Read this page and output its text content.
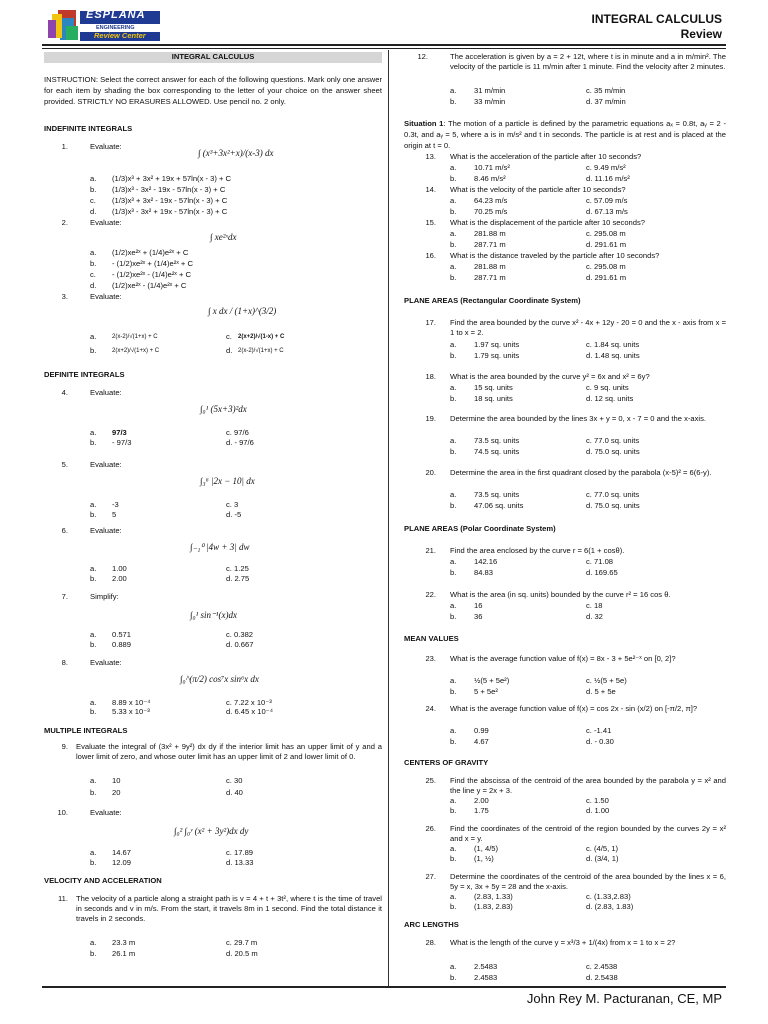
ESPLANA
ENGINEERING
Review Center
INTEGRAL CALCULUS
Review
INTEGRAL CALCULUS
INSTRUCTION: Select the correct answer for each of the following questions. Mark only one answer for each item by shading the box corresponding to the letter of your choice on the answer sheet provided. STRICTLY NO ERASURES ALLOWED. Use pencil no. 2 only.
INDEFINITE INTEGRALS
1.	Evaluate:
∫ (x³+3x²+x)/(x-3) dx
a. (1/3)x³ + 3x² + 19x + 57ln(x - 3) + C
b. (1/3)x³ - 3x² - 19x - 57ln(x - 3) + C
c. (1/3)x³ + 3x² - 19x - 57ln(x - 3) + C
d. (1/3)x³ - 3x² + 19x - 57ln(x - 3) + C
2.	Evaluate:
∫ xe²ˣdx
a. (1/2)xe²ˣ + (1/4)e²ˣ + C
b. - (1/2)xe²ˣ + (1/4)e²ˣ + C
c. - (1/2)xe²ˣ - (1/4)e²ˣ + C
d. (1/2)xe²ˣ - (1/4)e²ˣ + C
3.	Evaluate:
∫ x dx / (1+x)^(3/2)
a.	2(x-2)/√(1+x) + C
b.	2(x+2)/√(1+x) + C
c. 2(x+2)/√(1-x) + C
d. 2(x-2)/√(1+x) + C
DEFINITE INTEGRALS
4.	Evaluate:
∫₀¹ (5x+3)²dx
a. 97/3
b. - 97/3
c. 97/6
d. - 97/6
5.	Evaluate:
∫₃⁶ |2x − 10| dx
a. -3
b. 5
c. 3
d. -5
6.	Evaluate:
∫₋₁⁰ |4w + 3| dw
a. 1.00
b. 2.00
c. 1.25
d. 2.75
7.	Simplify:
∫₀¹ sin⁻¹(x)dx
a. 0.571
b. 0.889
c. 0.382
d. 0.667
8.	Evaluate:
∫₀^(π/2) cos⁷x sin⁶x dx
a. 8.89 x 10⁻⁴
b. 5.33 x 10⁻³
c. 7.22 x 10⁻³
d. 6.45 x 10⁻⁴
MULTIPLE INTEGRALS
9. Evaluate the integral of (3x² + 9y²) dx dy if the interior limit has an upper limit of y and a lower limit of zero, and whose outer limit has an upper limit of 2 and lower limit of 0.
a. 10
b. 20
c. 30
d. 40
10.	Evaluate:
∫₀² ∫₀ʸ (x² + 3y²)dx dy
a. 14.67
b. 12.09
c. 17.89
d. 13.33
VELOCITY AND ACCELERATION
11. The velocity of a particle along a straight path is v = 4 + t + 3t², where t is the time of travel in seconds and v in m/s. From the start, it travels 8m in 1 second. Find the total distance it travels in 2 seconds.
a. 23.3 m
b. 26.1 m
c. 29.7 m
d. 20.5 m
12.	The acceleration is given by a = 2 + 12t, where t is in minute and a in m/min². The velocity of the particle is 11 m/min after 1 minute. Find the velocity after 2 minutes.
a. 31 m/min
b. 33 m/min
c. 35 m/min
d. 37 m/min
Situation 1: The motion of a particle is defined by the parametric equations aₓ = 0.8t, aᵧ = 2 - 0.3t, and aᵧ = 5, where a is in m/s² and t in seconds. The particle is at rest and is placed at the origin at t = 0.
13. What is the acceleration of the particle after 10 seconds?
a. 10.71 m/s²
b. 8.46 m/s²
c. 9.49 m/s²
d. 11.16 m/s²
14. What is the velocity of the particle after 10 seconds?
a. 64.23 m/s
b. 70.25 m/s
c. 57.09 m/s
d. 67.13 m/s
15. What is the displacement of the particle after 10 seconds?
a. 281.88 m
b. 287.71 m
c. 295.08 m
d. 291.61 m
16. What is the distance traveled by the particle after 10 seconds?
a. 281.88 m
b. 287.71 m
c. 295.08 m
d. 291.61 m
PLANE AREAS (Rectangular Coordinate System)
17. Find the area bounded by the curve x² - 4x + 12y - 20 = 0 and the x - axis from x = 1 to x = 2.
a. 1.97 sq. units
b. 1.79 sq. units
c. 1.84 sq. units
d. 1.48 sq. units
18. What is the area bounded by the curve y² = 6x and x² = 6y?
a. 15 sq. units
b. 18 sq. units
c. 9 sq. units
d. 12 sq. units
19. Determine the area bounded by the lines 3x + y = 0, x - 7 = 0 and the x-axis.
a. 73.5 sq. units
b. 74.5 sq. units
c. 77.0 sq. units
d. 75.0 sq. units
20. Determine the area in the first quadrant closed by the parabola (x-5)² = 6(6-y).
a. 73.5 sq. units
b. 47.06 sq. units
c. 77.0 sq. units
d. 75.0 sq. units
PLANE AREAS (Polar Coordinate System)
21. Find the area enclosed by the curve r = 6(1 + cosθ).
a. 142.16
b. 84.83
c. 71.08
d. 169.65
22. What is the area (in sq. units) bounded by the curve r² = 16 cos θ.
a. 16
b. 36
c. 18
d. 32
MEAN VALUES
23. What is the average function value of f(x) = 8x - 3 + 5e²⁻ˣ on [0, 2]?
a. ½(5 + 5e²)
b. 5 + 5e²
c. ½(5 + 5e)
d. 5 + 5e
24. What is the average function value of f(x) = cos 2x - sin (x/2) on [-π/2, π]?
a. 0.99
b. 4.67
c. -1.41
d. - 0.30
CENTERS OF GRAVITY
25. Find the abscissa of the centroid of the area bounded by the parabola y = x² and the line y = 2x + 3.
a. 2.00
b. 1.75
c. 1.50
d. 1.00
26. Find the coordinates of the centroid of the region bounded by the curves 2y = x² and x = y.
a. (1, 4/5)
b. (1, ½)
c. (4/5, 1)
d. (3/4, 1)
27. Determine the coordinates of the centroid of the area bounded by the lines x = 6, 5y = x, 3x + 5y = 28 and the x-axis.
a. (2.83, 1.33)
b. (1.83, 2.83)
c. (1.33,2.83)
d. (2.83, 1.83)
ARC LENGTHS
28. What is the length of the curve y = x³/3 + 1/(4x) from x = 1 to x = 2?
a. 2.5483
b. 2.4583
c. 2.4538
d. 2.5438
John Rey M. Pacturanan, CE, MP
